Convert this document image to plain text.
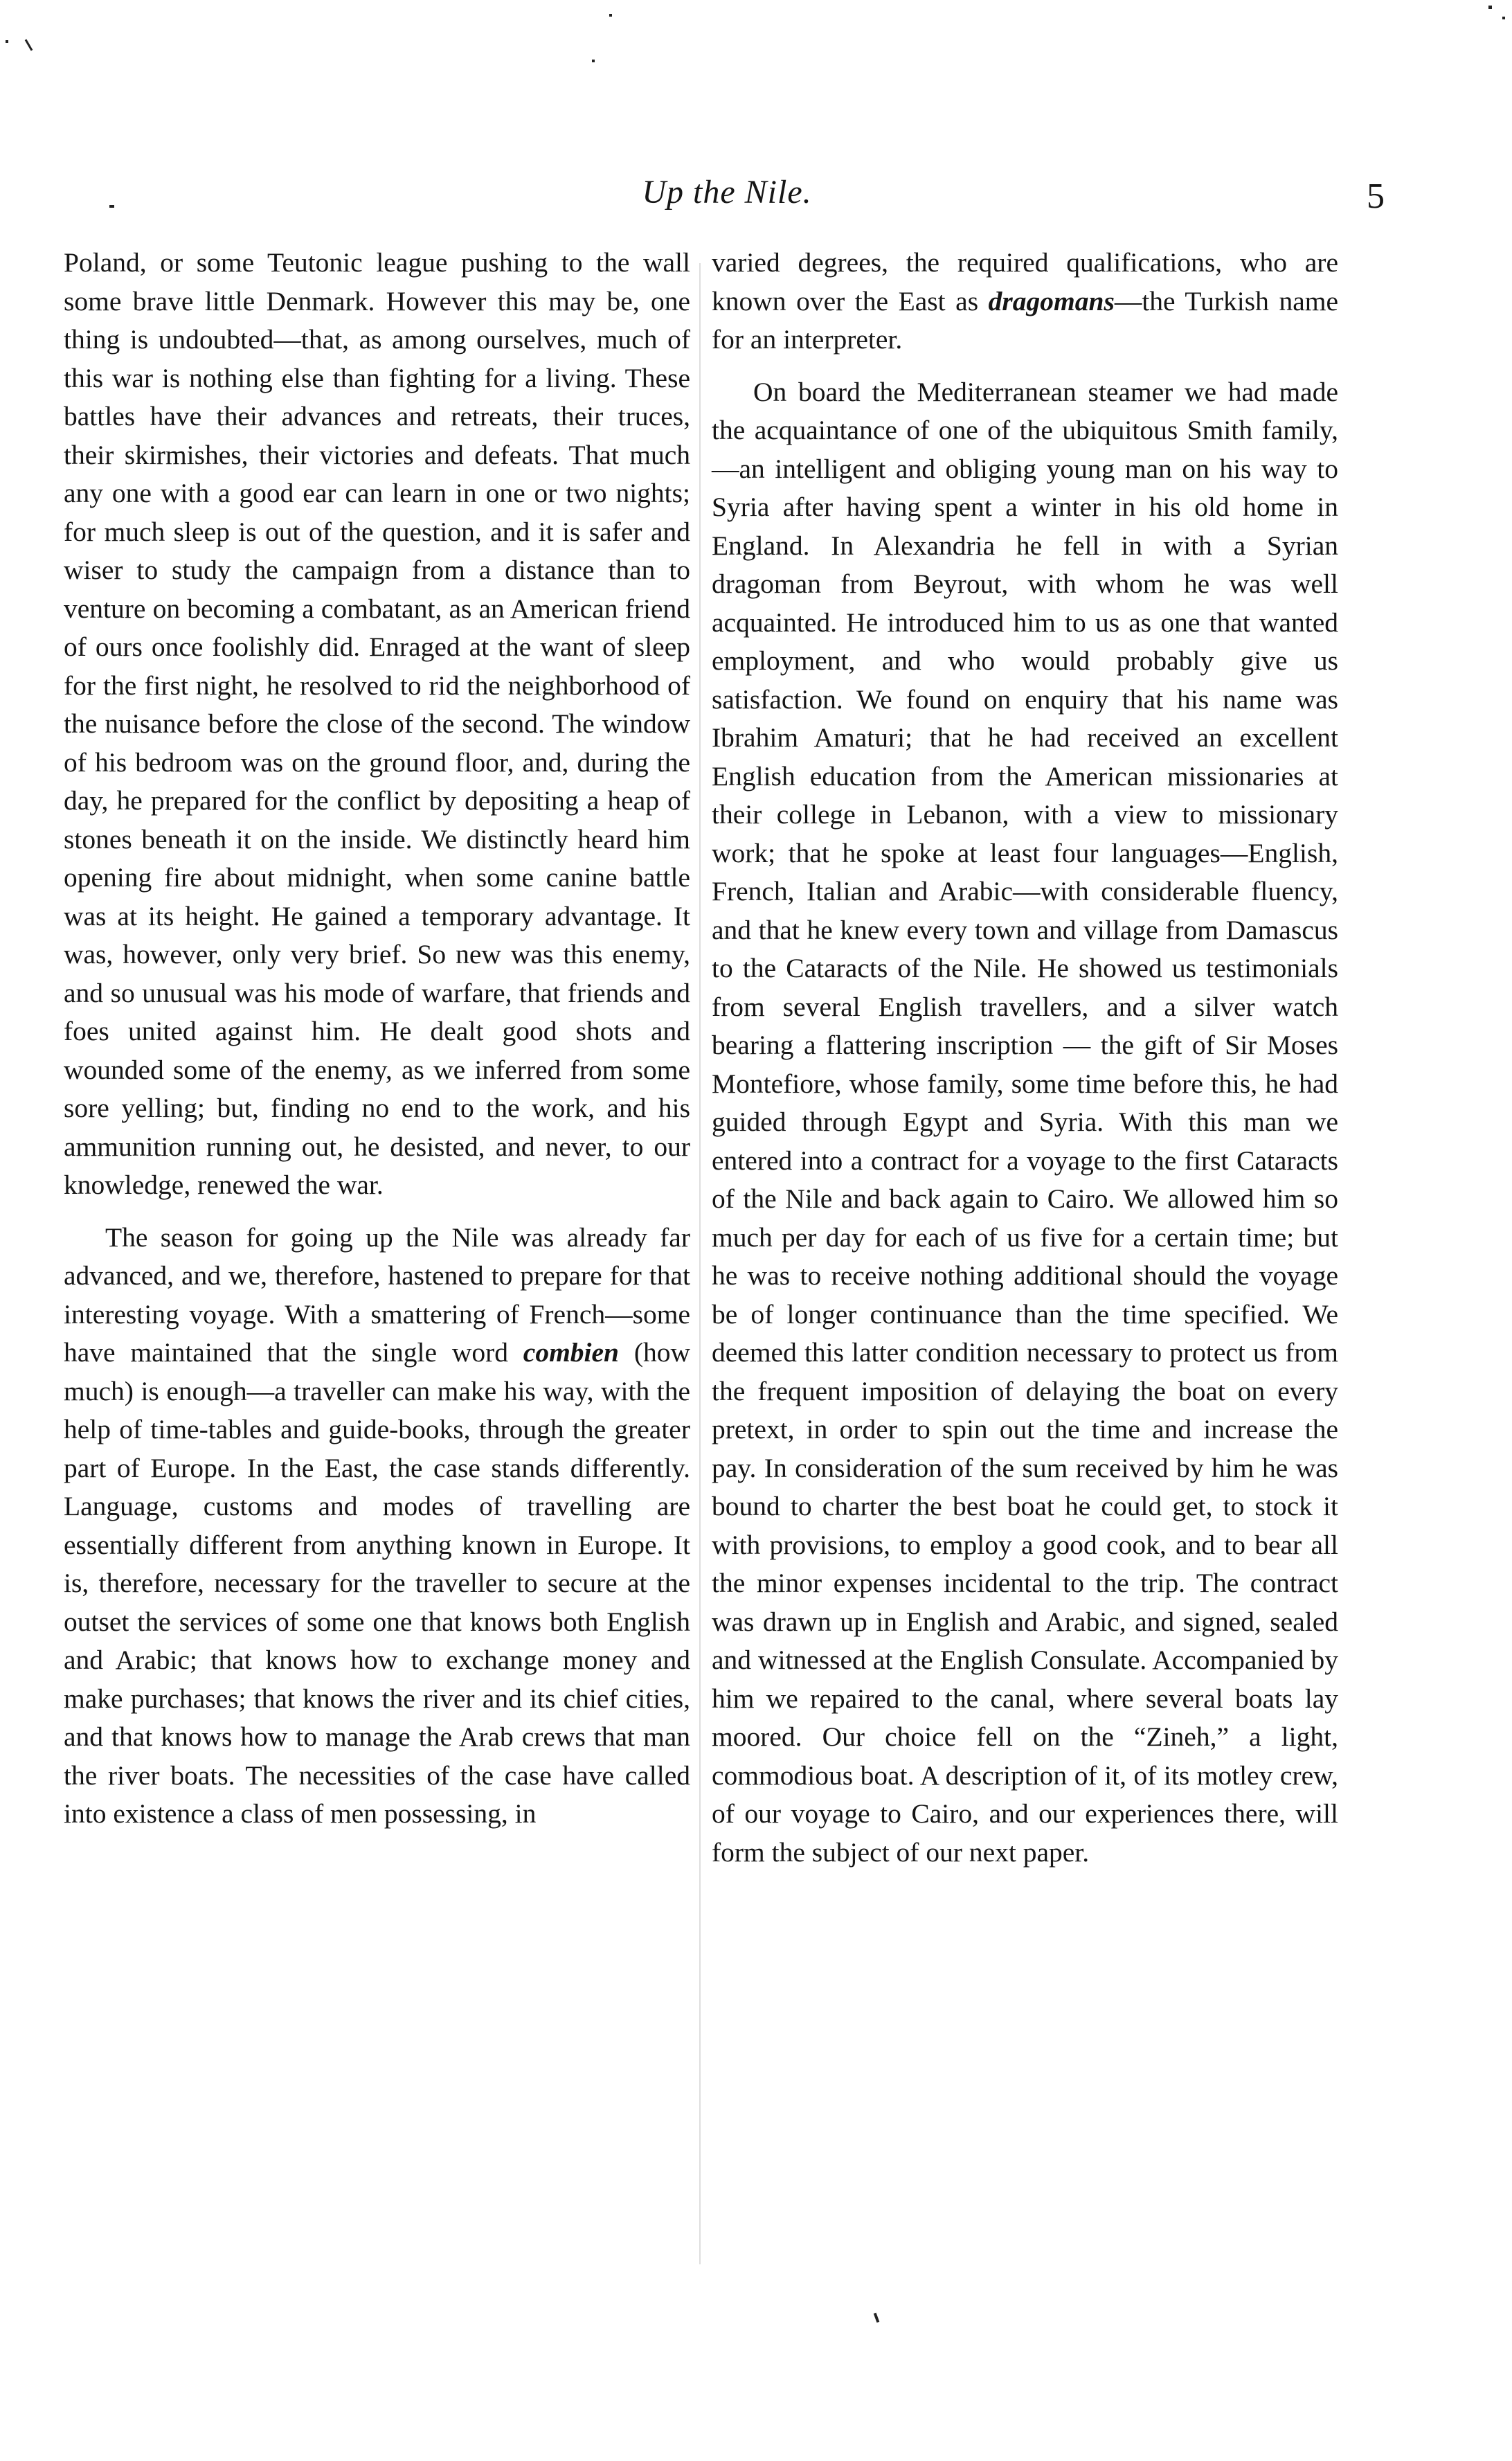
Up the Nile.	5

Poland, or some Teutonic league pushing to the wall some brave little Denmark. However this may be, one thing is undoubted—that, as among ourselves, much of this war is nothing else than fighting for a living. These battles have their advances and retreats, their truces, their skirmishes, their victories and defeats. That much any one with a good ear can learn in one or two nights; for much sleep is out of the question, and it is safer and wiser to study the campaign from a distance than to venture on becoming a combatant, as an American friend of ours once foolishly did. Enraged at the want of sleep for the first night, he resolved to rid the neighborhood of the nuisance before the close of the second. The window of his bedroom was on the ground floor, and, during the day, he prepared for the conflict by depositing a heap of stones beneath it on the inside. We distinctly heard him opening fire about midnight, when some canine battle was at its height. He gained a temporary advantage. It was, however, only very brief. So new was this enemy, and so unusual was his mode of warfare, that friends and foes united against him. He dealt good shots and wounded some of the enemy, as we inferred from some sore yelling; but, finding no end to the work, and his ammunition running out, he desisted, and never, to our knowledge, renewed the war.

The season for going up the Nile was already far advanced, and we, therefore, hastened to prepare for that interesting voyage. With a smattering of French—some have maintained that the single word combien (how much) is enough—a traveller can make his way, with the help of time-tables and guide-books, through the greater part of Europe. In the East, the case stands differently. Language, customs and modes of travelling are essentially different from anything known in Europe. It is, therefore, necessary for the traveller to secure at the outset the services of some one that knows both English and Arabic; that knows how to exchange money and make purchases; that knows the river and its chief cities, and that knows how to manage the Arab crews that man the river boats. The necessities of the case have called into existence a class of men possessing, in

varied degrees, the required qualifications, who are known over the East as dragomans—the Turkish name for an interpreter.

On board the Mediterranean steamer we had made the acquaintance of one of the ubiquitous Smith family,—an intelligent and obliging young man on his way to Syria after having spent a winter in his old home in England. In Alexandria he fell in with a Syrian dragoman from Beyrout, with whom he was well acquainted. He introduced him to us as one that wanted employment, and who would probably give us satisfaction. We found on enquiry that his name was Ibrahim Amaturi; that he had received an excellent English education from the American missionaries at their college in Lebanon, with a view to missionary work; that he spoke at least four languages—English, French, Italian and Arabic—with considerable fluency, and that he knew every town and village from Damascus to the Cataracts of the Nile. He showed us testimonials from several English travellers, and a silver watch bearing a flattering inscription — the gift of Sir Moses Montefiore, whose family, some time before this, he had guided through Egypt and Syria. With this man we entered into a contract for a voyage to the first Cataracts of the Nile and back again to Cairo. We allowed him so much per day for each of us five for a certain time; but he was to receive nothing additional should the voyage be of longer continuance than the time specified. We deemed this latter condition necessary to protect us from the frequent imposition of delaying the boat on every pretext, in order to spin out the time and increase the pay. In consideration of the sum received by him he was bound to charter the best boat he could get, to stock it with provisions, to employ a good cook, and to bear all the minor expenses incidental to the trip. The contract was drawn up in English and Arabic, and signed, sealed and witnessed at the English Consulate. Accompanied by him we repaired to the canal, where several boats lay moored. Our choice fell on the “Zineh,” a light, commodious boat. A description of it, of its motley crew, of our voyage to Cairo, and our experiences there, will form the subject of our next paper.
